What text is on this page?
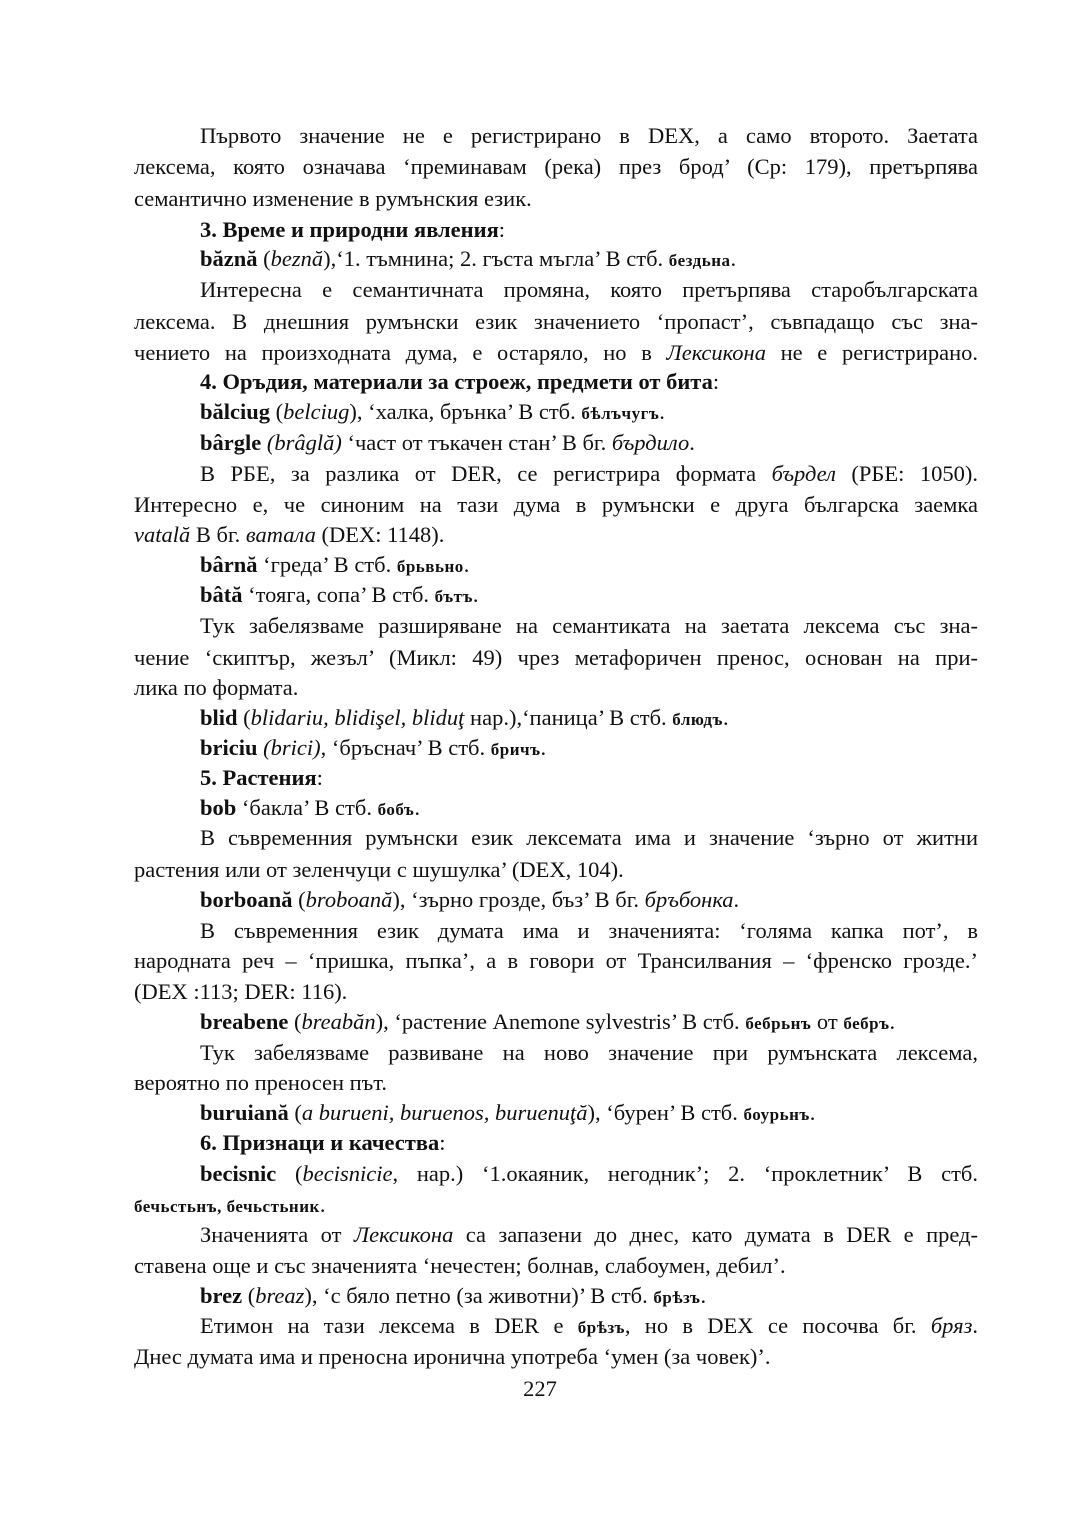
Първото значение не е регистрирано в DEX, а само второто. Заетата
лексема, която означава ‘преминавам (река) през брод’ (Ср: 179), претърпява
семантично изменение в румънския език.
3. Време и природни явления:
băznă (beznă),‘1. тъмнина; 2. гъста мъгла’ В стб. бездьна.
Интересна е семантичната промяна, която претърпява старобългарската
лексема. В днешния румънски език значението ‘пропаст’, съвпадащо със зна-
чението на произходната дума, е остаряло, но в Лексикона не е регистрирано.
4. Оръдия, материали за строеж, предмети от бита:
bălciug (belciug), ‘халка, брънка’ В стб. бѣлъчугъ.
bârgle (brâglă) ‘част от тъкачен стан’ В бг. бърдило.
В РБЕ, за разлика от DER, се регистрира формата бърдел (РБЕ: 1050).
Интересно е, че синоним на тази дума в румънски е друга българска заемка
vatală В бг. ватала (DEX: 1148).
bârnă ‘греда’ В стб. брьвьно.
bâtă ‘тояга, сопа’ В стб. бътъ.
Тук забелязваме разширяване на семантиката на заетата лексема със зна-
чение ‘скиптър, жезъл’ (Микл: 49) чрез метафоричен пренос, основан на при-
лика по формата.
blid (blidariu, blidişel, bliduţ нар.),‘паница’ В стб. блюдъ.
briciu (brici), ‘бръснач’ В стб. бричъ.
5. Растения:
bob ‘бакла’ В стб. бобъ.
В съвременния румънски език лексемата има и значение ‘зърно от житни
растения или от зеленчуци с шушулка’ (DEX, 104).
borboană (broboană), ‘зърно грозде, бъз’ В бг. бръбонка.
В съвременния език думата има и значенията: ‘голяма капка пот’, в
народната реч – ‘пришка, пъпка’, а в говори от Трансилвания – ‘френско грозде.’
(DEX :113; DER: 116).
breabene (breabăn), ‘растение Anemone sylvestris’ В стб. бебрьнъ от бебръ.
Тук забелязваме развиване на ново значение при румънската лексема,
вероятно по преносен път.
buruiană (a burueni, buruenos, buruenuţă), ‘бурен’ В стб. боурьнъ.
6. Признаци и качества:
becisnic (becisnicie, нар.) ‘1.окаяник, негодник’; 2. ‘проклетник’ В стб.
бечьстьнъ, бечьстьник.
Значенията от Лексикона са запазени до днес, като думата в DER е пред-
ставена още и със значенията ‘нечестен; болнав, слабоумен, дебил’.
brez (breaz), ‘с бяло петно (за животни)’ В стб. брѣзъ.
Етимон на тази лексема в DER е брѣзъ, но в DEX се посочва бг. бряз.
Днес думата има и преносна иронична употреба ‘умен (за човек)’.
227
